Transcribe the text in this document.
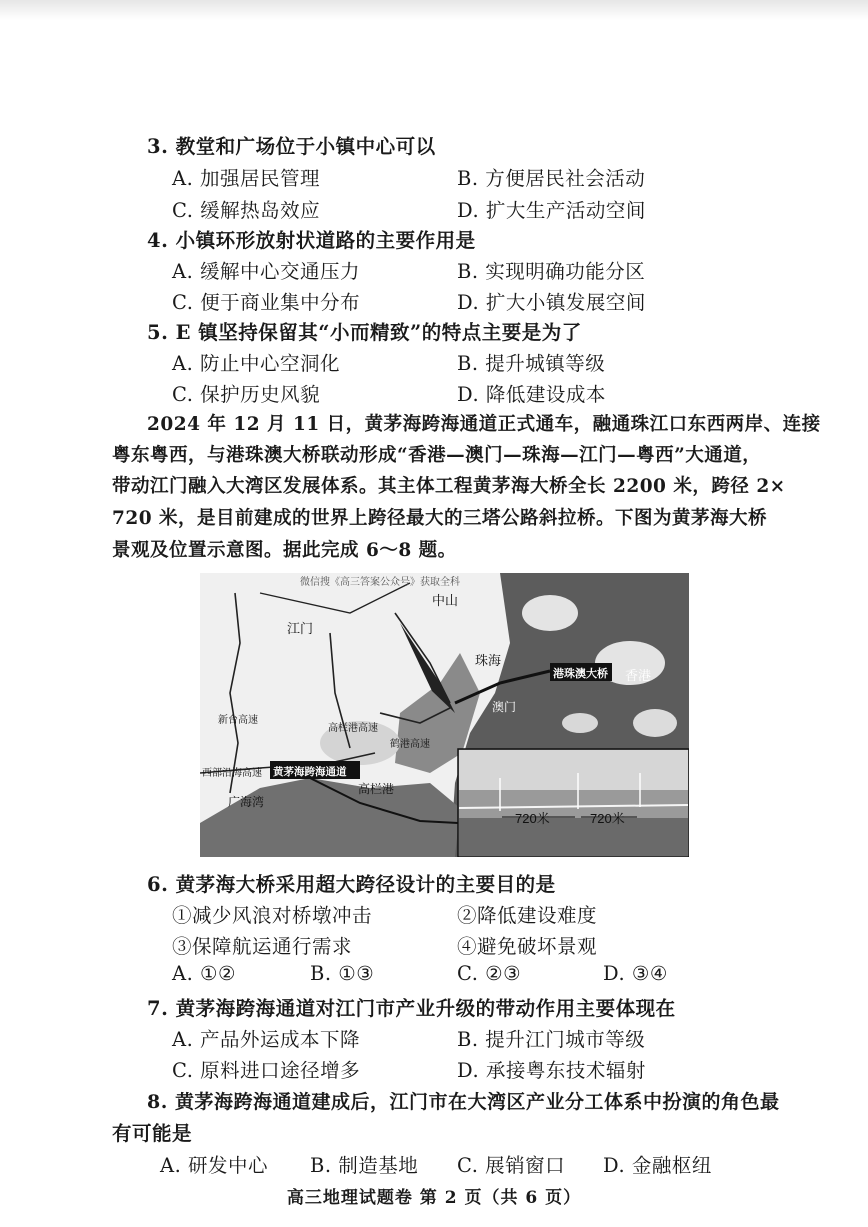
3. 教堂和广场位于小镇中心可以
A. 加强居民管理	B. 方便居民社会活动
C. 缓解热岛效应	D. 扩大生产活动空间
4. 小镇环形放射状道路的主要作用是
A. 缓解中心交通压力	B. 实现明确功能分区
C. 便于商业集中分布	D. 扩大小镇发展空间
5. E 镇坚持保留其“小而精致”的特点主要是为了
A. 防止中心空洞化	B. 提升城镇等级
C. 保护历史风貌	D. 降低建设成本
2024 年 12 月 11 日，黄茅海跨海通道正式通车，融通珠江口东西两岸、连接
粤东粤西，与港珠澳大桥联动形成“香港—澳门—珠海—江门—粤西”大通道，
带动江门融入大湾区发展体系。其主体工程黄茅海大桥全长 2200 米，跨径 2×
720 米，是目前建成的世界上跨径最大的三塔公路斜拉桥。下图为黄茅海大桥
景观及位置示意图。据此完成 6～8 题。
微信搜《高三答案公众号》获取全科
中山
江门
珠海
香港
澳门
港珠澳大桥
新台高速
高栏港高速
鹤港高速
西部沿海高速 黄茅海跨海通道
高栏港
广海湾
720米	720米
6. 黄茅海大桥采用超大跨径设计的主要目的是
①减少风浪对桥墩冲击	②降低建设难度
③保障航运通行需求	④避免破坏景观
A. ①②	B. ①③	C. ②③	D. ③④
7. 黄茅海跨海通道对江门市产业升级的带动作用主要体现在
A. 产品外运成本下降	B. 提升江门城市等级
C. 原料进口途径增多	D. 承接粤东技术辐射
8. 黄茅海跨海通道建成后，江门市在大湾区产业分工体系中扮演的角色最
有可能是
A. 研发中心 B. 制造基地 C. 展销窗口 D. 金融枢纽
高三地理试题卷 第 2 页（共 6 页）
